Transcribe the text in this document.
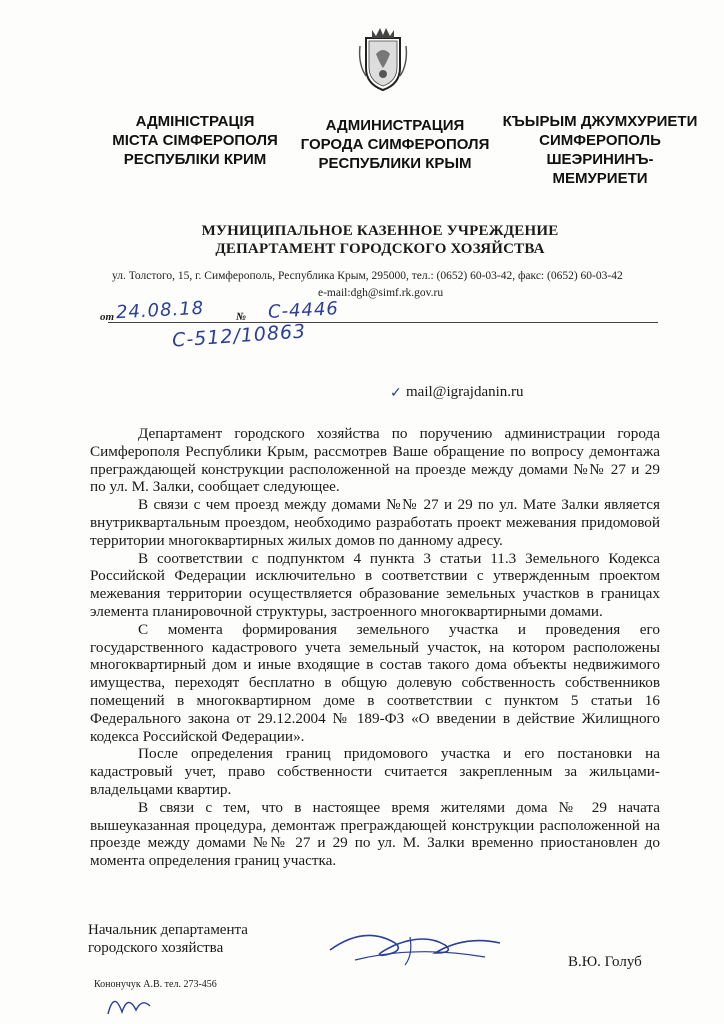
АДМІНІСТРАЦІЯ
МІСТА СІМФЕРОПОЛЯ
РЕСПУБЛІКИ КРИМ
АДМИНИСТРАЦИЯ
ГОРОДА СИМФЕРОПОЛЯ
РЕСПУБЛИКИ КРЫМ
КЪЫРЫМ ДЖУМХУРИЕТИ
СИМФЕРОПОЛЬ
ШЕЭРИНИНЪ-
МЕМУРИЕТИ
МУНИЦИПАЛЬНОЕ КАЗЕННОЕ УЧРЕЖДЕНИЕ
ДЕПАРТАМЕНТ ГОРОДСКОГО ХОЗЯЙСТВА
ул. Толстого, 15, г. Симферополь, Республика Крым, 295000, тел.: (0652) 60-03-42, факс: (0652) 60-03-42
e-mail:dgh@simf.rk.gov.ru
от	№
24.08.18	С-4446
С-512/10863
✓ mail@igrajdanin.ru

Департамент городского хозяйства по поручению администрации города Симферополя Республики Крым, рассмотрев Ваше обращение по вопросу демонтажа преграждающей конструкции расположенной на проезде между домами №№ 27 и 29 по ул. М. Залки, сообщает следующее.

В связи с чем проезд между домами №№ 27 и 29 по ул. Мате Залки является внутриквартальным проездом, необходимо разработать проект межевания придомовой территории многоквартирных жилых домов по данному адресу.

В соответствии с подпунктом 4 пункта 3 статьи 11.3 Земельного Кодекса Российской Федерации исключительно в соответствии с утвержденным проектом межевания территории осуществляется образование земельных участков в границах элемента планировочной структуры, застроенного многоквартирными домами.

С момента формирования земельного участка и проведения его государственного кадастрового учета земельный участок, на котором расположены многоквартирный дом и иные входящие в состав такого дома объекты недвижимого имущества, переходят бесплатно в общую долевую собственность собственников помещений в многоквартирном доме в соответствии с пунктом 5 статьи 16 Федерального закона от 29.12.2004 № 189-ФЗ «О введении в действие Жилищного кодекса Российской Федерации».

После определения границ придомового участка и его постановки на кадастровый учет, право собственности считается закрепленным за жильцами-владельцами квартир.

В связи с тем, что в настоящее время жителями дома № 29 начата вышеуказанная процедура, демонтаж преграждающей конструкции расположенной на проезде между домами №№ 27 и 29 по ул. М. Залки временно приостановлен до момента определения границ участка.

Начальник департамента
городского хозяйства
В.Ю. Голуб
Кононучук А.В. тел. 273-456
